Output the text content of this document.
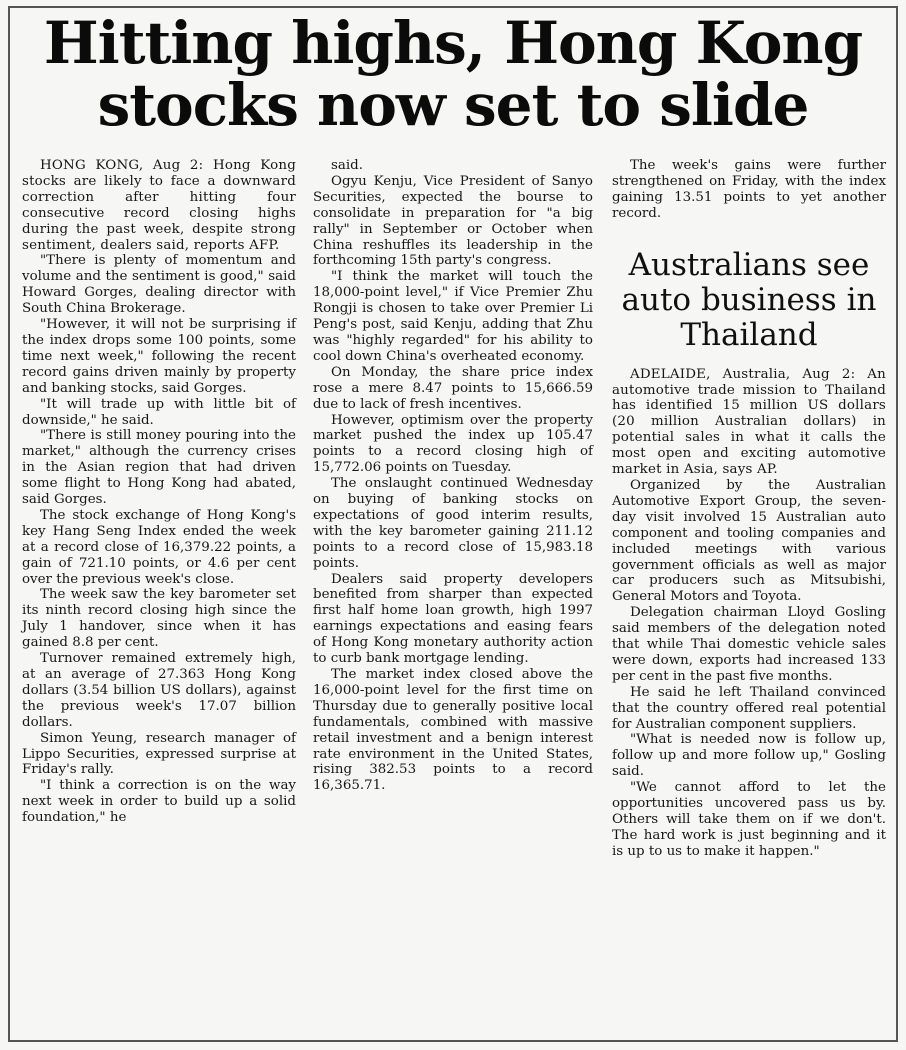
Hitting highs, Hong Kong
stocks now set to slide

HONG KONG, Aug 2: Hong Kong stocks are likely to face a downward correction after hitting four consecutive record closing highs during the past week, despite strong sentiment, dealers said, reports AFP.

"There is plenty of momentum and volume and the sentiment is good," said Howard Gorges, dealing director with South China Brokerage.

"However, it will not be surprising if the index drops some 100 points, some time next week," following the recent record gains driven mainly by property and banking stocks, said Gorges.

"It will trade up with little bit of downside," he said.

"There is still money pouring into the market," although the currency crises in the Asian region that had driven some flight to Hong Kong had abated, said Gorges.

The stock exchange of Hong Kong's key Hang Seng Index ended the week at a record close of 16,379.22 points, a gain of 721.10 points, or 4.6 per cent over the previous week's close.

The week saw the key barometer set its ninth record closing high since the July 1 handover, since when it has gained 8.8 per cent.

Turnover remained extremely high, at an average of 27.363 Hong Kong dollars (3.54 billion US dollars), against the previous week's 17.07 billion dollars.

Simon Yeung, research manager of Lippo Securities, expressed surprise at Friday's rally.

"I think a correction is on the way next week in order to build up a solid foundation," he

said.

Ogyu Kenju, Vice President of Sanyo Securities, expected the bourse to consolidate in preparation for "a big rally" in September or October when China reshuffles its leadership in the forthcoming 15th party's congress.

"I think the market will touch the 18,000-point level," if Vice Premier Zhu Rongji is chosen to take over Premier Li Peng's post, said Kenju, adding that Zhu was "highly regarded" for his ability to cool down China's overheated economy.

On Monday, the share price index rose a mere 8.47 points to 15,666.59 due to lack of fresh incentives.

However, optimism over the property market pushed the index up 105.47 points to a record closing high of 15,772.06 points on Tuesday.

The onslaught continued Wednesday on buying of banking stocks on expectations of good interim results, with the key barometer gaining 211.12 points to a record close of 15,983.18 points.

Dealers said property developers benefited from sharper than expected first half home loan growth, high 1997 earnings expectations and easing fears of Hong Kong monetary authority action to curb bank mortgage lending.

The market index closed above the 16,000-point level for the first time on Thursday due to generally positive local fundamentals, combined with massive retail investment and a benign interest rate environment in the United States, rising 382.53 points to a record 16,365.71.

The week's gains were further strengthened on Friday, with the index gaining 13.51 points to yet another record.

Australians see auto business in Thailand

ADELAIDE, Australia, Aug 2: An automotive trade mission to Thailand has identified 15 million US dollars (20 million Australian dollars) in potential sales in what it calls the most open and exciting automotive market in Asia, says AP.

Organized by the Australian Automotive Export Group, the seven-day visit involved 15 Australian auto component and tooling companies and included meetings with various government officials as well as major car producers such as Mitsubishi, General Motors and Toyota.

Delegation chairman Lloyd Gosling said members of the delegation noted that while Thai domestic vehicle sales were down, exports had increased 133 per cent in the past five months.

He said he left Thailand convinced that the country offered real potential for Australian component suppliers.

"What is needed now is follow up, follow up and more follow up," Gosling said.

"We cannot afford to let the opportunities uncovered pass us by. Others will take them on if we don't. The hard work is just beginning and it is up to us to make it happen."
